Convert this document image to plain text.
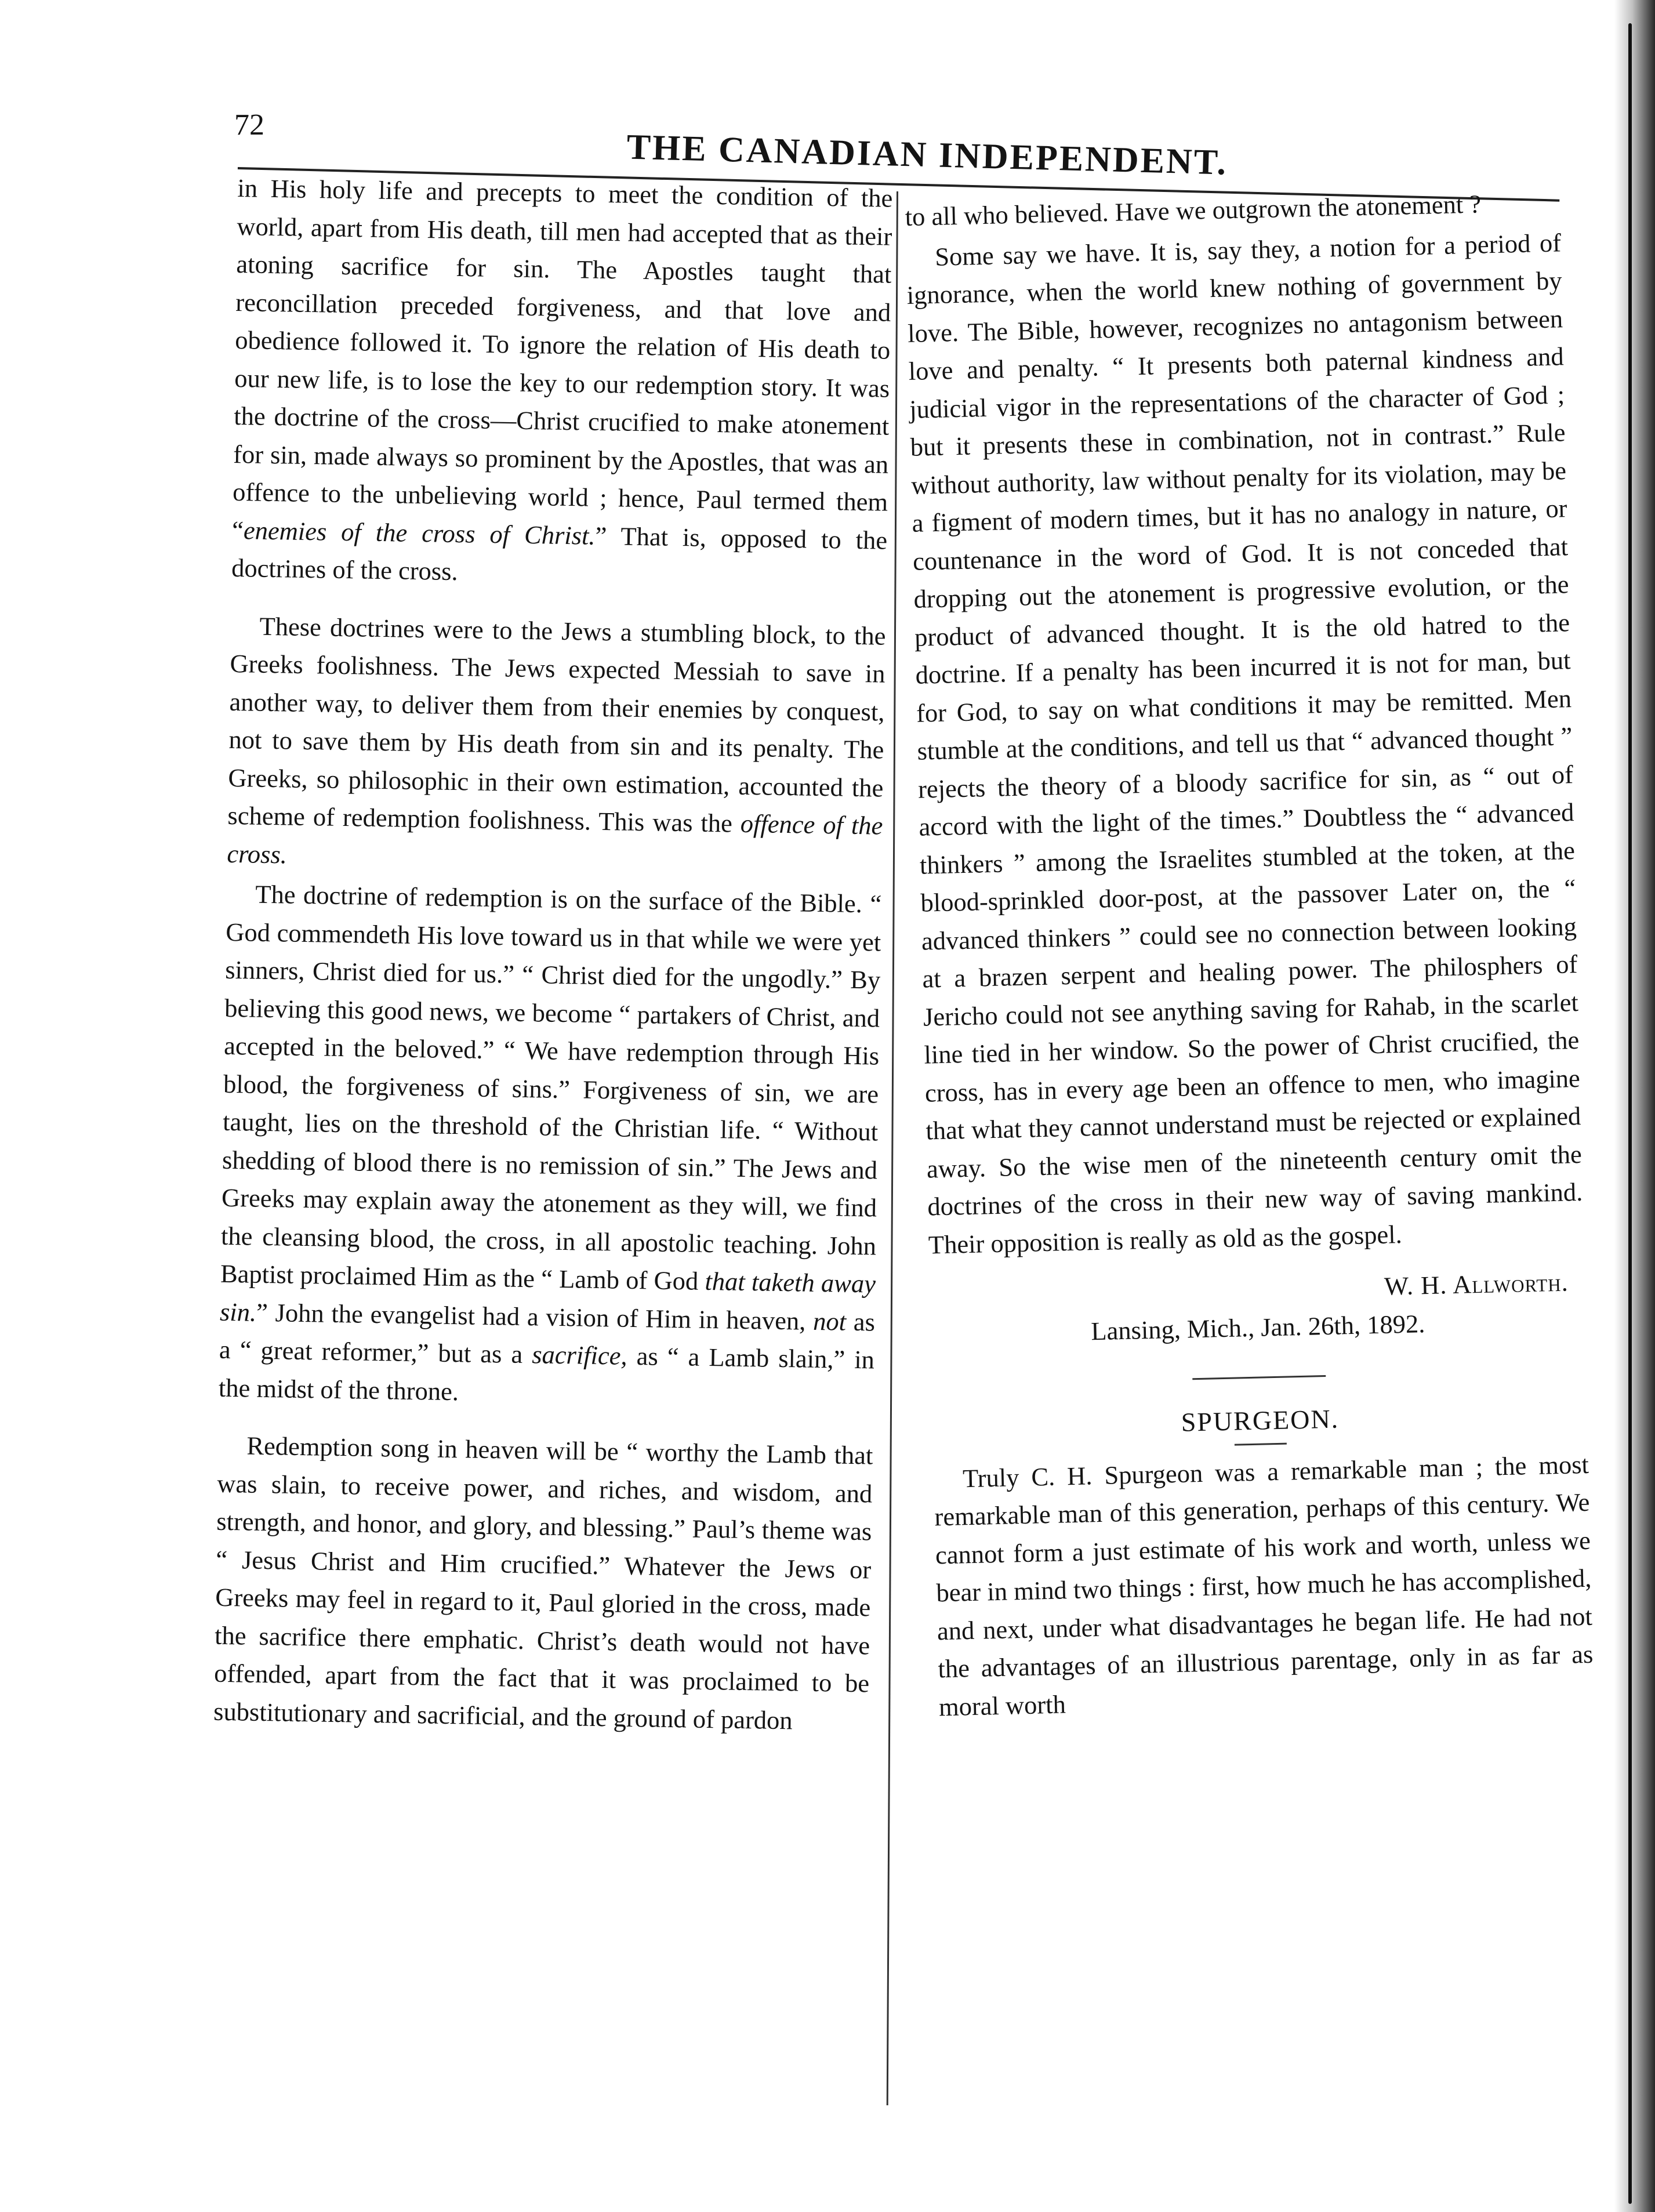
72
THE CANADIAN INDEPENDENT.

in His holy life and precepts to meet the condition of the world, apart from His death, till men had accepted that as their atoning sacrifice for sin. The Apostles taught that reconcillation preceded forgiveness, and that love and obedience followed it. To ignore the relation of His death to our new life, is to lose the key to our redemption story. It was the doctrine of the cross—Christ crucified to make atonement for sin, made always so prominent by the Apostles, that was an offence to the unbelieving world ; hence, Paul termed them “enemies of the cross of Christ.” That is, opposed to the doctrines of the cross.

These doctrines were to the Jews a stumbling block, to the Greeks foolishness. The Jews expected Messiah to save in another way, to deliver them from their enemies by conquest, not to save them by His death from sin and its penalty. The Greeks, so philosophic in their own estimation, accounted the scheme of redemption foolishness. This was the offence of the cross.

The doctrine of redemption is on the surface of the Bible. “ God commendeth His love toward us in that while we were yet sinners, Christ died for us.” “ Christ died for the ungodly.” By believing this good news, we become “ partakers of Christ, and accepted in the beloved.” “ We have redemption through His blood, the forgiveness of sins.” Forgiveness of sin, we are taught, lies on the threshold of the Christian life. “ Without shedding of blood there is no remission of sin.” The Jews and Greeks may explain away the atonement as they will, we find the cleansing blood, the cross, in all apostolic teaching. John Baptist proclaimed Him as the “ Lamb of God that taketh away sin.” John the evangelist had a vision of Him in heaven, not as a “ great reformer,” but as a sacrifice, as “ a Lamb slain,” in the midst of the throne.

Redemption song in heaven will be “ worthy the Lamb that was slain, to receive power, and riches, and wisdom, and strength, and honor, and glory, and blessing.” Paul’s theme was “ Jesus Christ and Him crucified.” Whatever the Jews or Greeks may feel in regard to it, Paul gloried in the cross, made the sacrifice there emphatic. Christ’s death would not have offended, apart from the fact that it was proclaimed to be substitutionary and sacrificial, and the ground of pardon

to all who believed. Have we outgrown the atonement ?

Some say we have. It is, say they, a notion for a period of ignorance, when the world knew nothing of government by love. The Bible, however, recognizes no antagonism between love and penalty. “ It presents both paternal kindness and judicial vigor in the representations of the character of God ; but it presents these in combination, not in contrast.” Rule without authority, law without penalty for its violation, may be a figment of modern times, but it has no analogy in nature, or countenance in the word of God. It is not conceded that dropping out the atonement is progressive evolution, or the product of advanced thought. It is the old hatred to the doctrine. If a penalty has been incurred it is not for man, but for God, to say on what conditions it may be remitted. Men stumble at the conditions, and tell us that “ advanced thought ” rejects the theory of a bloody sacrifice for sin, as “ out of accord with the light of the times.” Doubtless the “ advanced thinkers ” among the Israelites stumbled at the token, at the blood-sprinkled door-post, at the passover Later on, the “ advanced thinkers ” could see no connection between looking at a brazen serpent and healing power. The philosphers of Jericho could not see anything saving for Rahab, in the scarlet line tied in her window. So the power of Christ crucified, the cross, has in every age been an offence to men, who imagine that what they cannot understand must be rejected or explained away. So the wise men of the nineteenth century omit the doctrines of the cross in their new way of saving mankind. Their opposition is really as old as the gospel.

W. H. Allworth.
Lansing, Mich., Jan. 26th, 1892.
SPURGEON.

Truly C. H. Spurgeon was a remarkable man ; the most remarkable man of this generation, perhaps of this century. We cannot form a just estimate of his work and worth, unless we bear in mind two things : first, how much he has accomplished, and next, under what disadvantages he began life. He had not the advantages of an illustrious parentage, only in as far as moral worth
